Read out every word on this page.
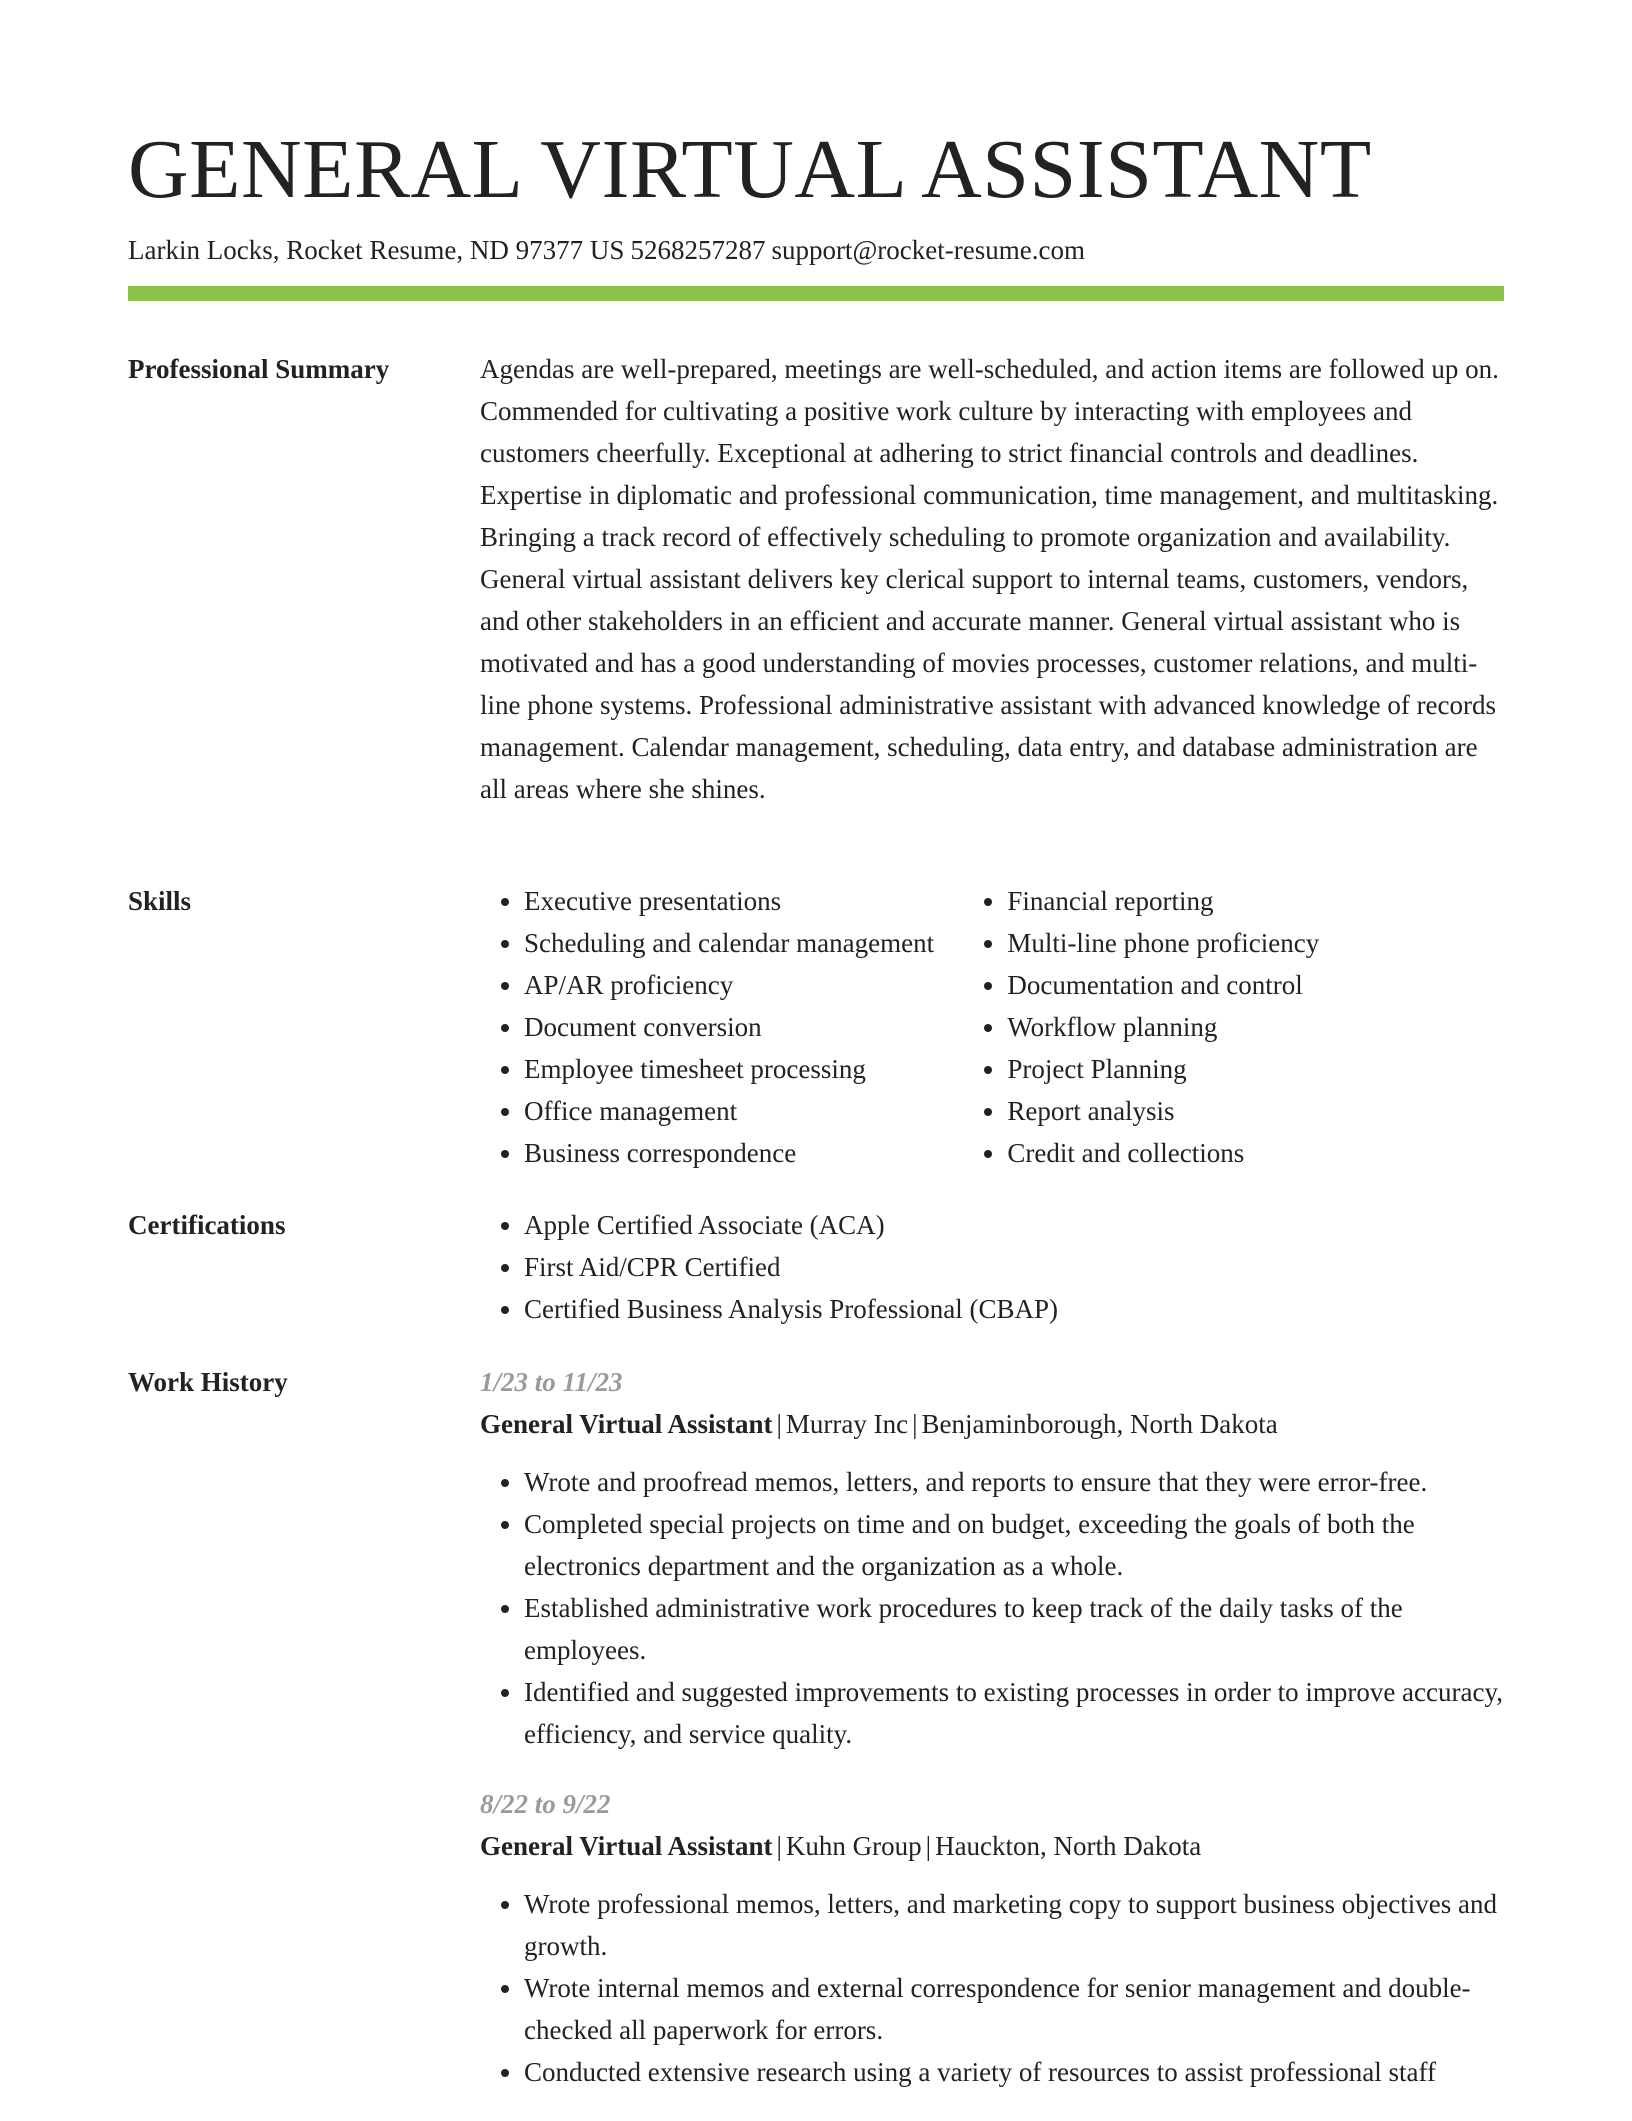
GENERAL VIRTUAL ASSISTANT
Larkin Locks, Rocket Resume, ND 97377 US 5268257287 support@rocket-resume.com
Professional Summary	Agendas are well-prepared, meetings are well-scheduled, and action items are followed up on. Commended for cultivating a positive work culture by interacting with employees and customers cheerfully. Exceptional at adhering to strict financial controls and deadlines. Expertise in diplomatic and professional communication, time management, and multitasking. Bringing a track record of effectively scheduling to promote organization and availability. General virtual assistant delivers key clerical support to internal teams, customers, vendors, and other stakeholders in an efficient and accurate manner. General virtual assistant who is motivated and has a good understanding of movies processes, customer relations, and multi-line phone systems. Professional administrative assistant with advanced knowledge of records management. Calendar management, scheduling, data entry, and database administration are all areas where she shines.

Skills	• Executive presentations
• Scheduling and calendar management
• AP/AR proficiency
• Document conversion
• Employee timesheet processing
• Office management
• Business correspondence
• Financial reporting
• Multi-line phone proficiency
• Documentation and control
• Workflow planning
• Project Planning
• Report analysis
• Credit and collections
Certifications	• Apple Certified Associate (ACA)
• First Aid/CPR Certified
• Certified Business Analysis Professional (CBAP)
Work History	1/23 to 11/23
General Virtual Assistant | Murray Inc | Benjaminborough, North Dakota
• Wrote and proofread memos, letters, and reports to ensure that they were error-free.
• Completed special projects on time and on budget, exceeding the goals of both the electronics department and the organization as a whole.
• Established administrative work procedures to keep track of the daily tasks of the employees.
• Identified and suggested improvements to existing processes in order to improve accuracy, efficiency, and service quality.
8/22 to 9/22
General Virtual Assistant | Kuhn Group | Hauckton, North Dakota
• Wrote professional memos, letters, and marketing copy to support business objectives and growth.
• Wrote internal memos and external correspondence for senior management and double-checked all paperwork for errors.
• Conducted extensive research using a variety of resources to assist professional staff
